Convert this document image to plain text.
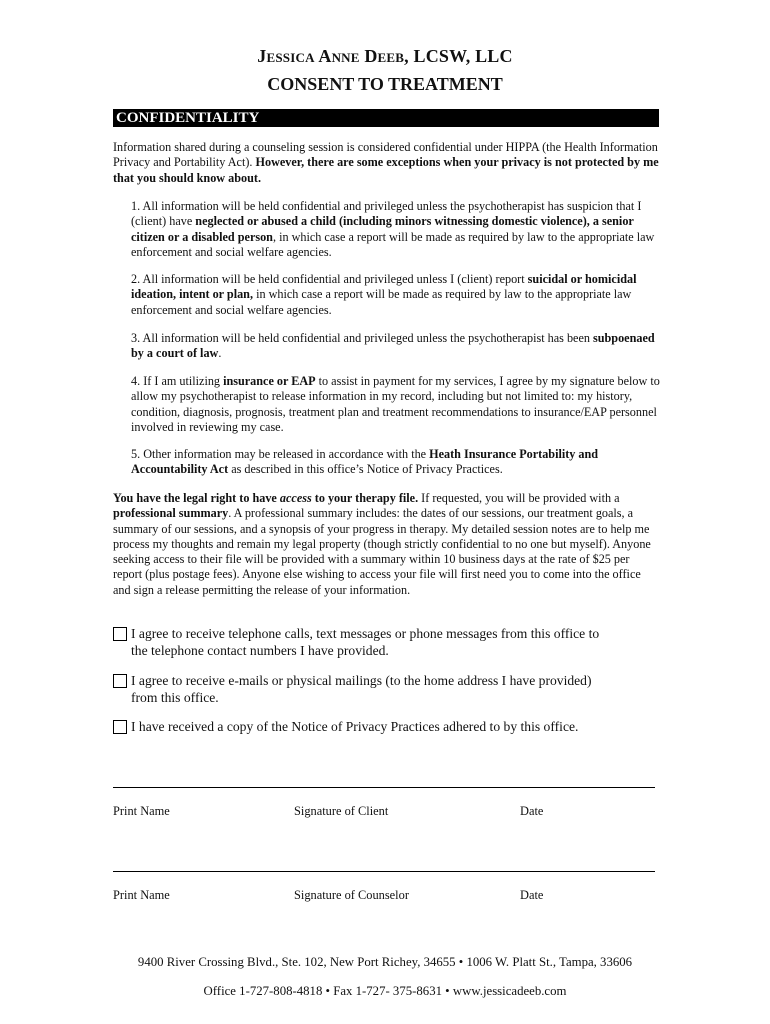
Jessica Anne Deeb, LCSW, LLC
CONSENT TO TREATMENT
CONFIDENTIALITY
Information shared during a counseling session is considered confidential under HIPPA (the Health Information Privacy and Portability Act). However, there are some exceptions when your privacy is not protected by me that you should know about.
1. All information will be held confidential and privileged unless the psychotherapist has suspicion that I (client) have neglected or abused a child (including minors witnessing domestic violence), a senior citizen or a disabled person, in which case a report will be made as required by law to the appropriate law enforcement and social welfare agencies.
2. All information will be held confidential and privileged unless I (client) report suicidal or homicidal ideation, intent or plan, in which case a report will be made as required by law to the appropriate law enforcement and social welfare agencies.
3. All information will be held confidential and privileged unless the psychotherapist has been subpoenaed by a court of law.
4. If I am utilizing insurance or EAP to assist in payment for my services, I agree by my signature below to allow my psychotherapist to release information in my record, including but not limited to: my history, condition, diagnosis, prognosis, treatment plan and treatment recommendations to insurance/EAP personnel involved in reviewing my case.
5. Other information may be released in accordance with the Heath Insurance Portability and Accountability Act as described in this office’s Notice of Privacy Practices.
You have the legal right to have access to your therapy file. If requested, you will be provided with a professional summary. A professional summary includes: the dates of our sessions, our treatment goals, a summary of our sessions, and a synopsis of your progress in therapy. My detailed session notes are to help me process my thoughts and remain my legal property (though strictly confidential to no one but myself). Anyone seeking access to their file will be provided with a summary within 10 business days at the rate of $25 per report (plus postage fees). Anyone else wishing to access your file will first need you to come into the office and sign a release permitting the release of your information.
I agree to receive telephone calls, text messages or phone messages from this office to
the telephone contact numbers I have provided.
I agree to receive e-mails or physical mailings (to the home address I have provided)
from this office.
I have received a copy of the Notice of Privacy Practices adhered to by this office.
Print Name	Signature of Client	Date
Print Name	Signature of Counselor	Date
9400 River Crossing Blvd., Ste. 102, New Port Richey, 34655 • 1006 W. Platt St., Tampa, 33606
Office 1-727-808-4818 • Fax 1-727- 375-8631 • www.jessicadeeb.com
